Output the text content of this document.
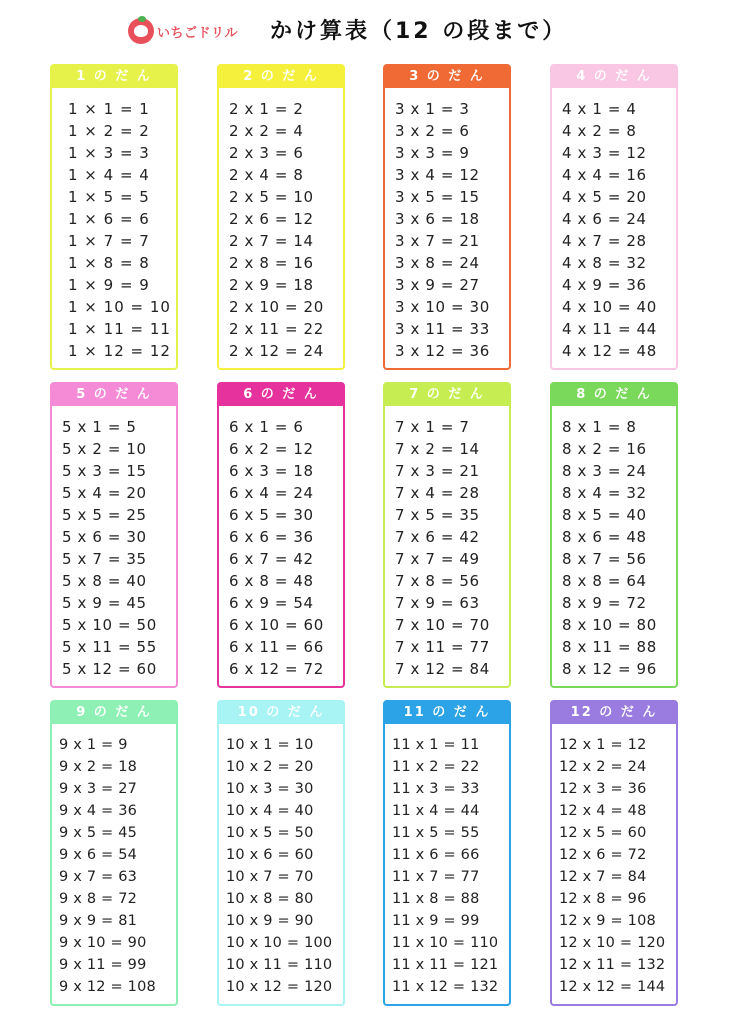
いちごドリル かけ算表（12 の段まで）
1 の だ ん
1 × 1 = 1
1 × 2 = 2
1 × 3 = 3
1 × 4 = 4
1 × 5 = 5
1 × 6 = 6
1 × 7 = 7
1 × 8 = 8
1 × 9 = 9
1 × 10 = 10
1 × 11 = 11
1 × 12 = 12
2 の だ ん
2 x 1 = 2
2 x 2 = 4
2 x 3 = 6
2 x 4 = 8
2 x 5 = 10
2 x 6 = 12
2 x 7 = 14
2 x 8 = 16
2 x 9 = 18
2 x 10 = 20
2 x 11 = 22
2 x 12 = 24
3 の だ ん
3 x 1 = 3
3 x 2 = 6
3 x 3 = 9
3 x 4 = 12
3 x 5 = 15
3 x 6 = 18
3 x 7 = 21
3 x 8 = 24
3 x 9 = 27
3 x 10 = 30
3 x 11 = 33
3 x 12 = 36
4 の だ ん
4 x 1 = 4
4 x 2 = 8
4 x 3 = 12
4 x 4 = 16
4 x 5 = 20
4 x 6 = 24
4 x 7 = 28
4 x 8 = 32
4 x 9 = 36
4 x 10 = 40
4 x 11 = 44
4 x 12 = 48
5 の だ ん
5 x 1 = 5
5 x 2 = 10
5 x 3 = 15
5 x 4 = 20
5 x 5 = 25
5 x 6 = 30
5 x 7 = 35
5 x 8 = 40
5 x 9 = 45
5 x 10 = 50
5 x 11 = 55
5 x 12 = 60
6 の だ ん
6 x 1 = 6
6 x 2 = 12
6 x 3 = 18
6 x 4 = 24
6 x 5 = 30
6 x 6 = 36
6 x 7 = 42
6 x 8 = 48
6 x 9 = 54
6 x 10 = 60
6 x 11 = 66
6 x 12 = 72
7 の だ ん
7 x 1 = 7
7 x 2 = 14
7 x 3 = 21
7 x 4 = 28
7 x 5 = 35
7 x 6 = 42
7 x 7 = 49
7 x 8 = 56
7 x 9 = 63
7 x 10 = 70
7 x 11 = 77
7 x 12 = 84
8 の だ ん
8 x 1 = 8
8 x 2 = 16
8 x 3 = 24
8 x 4 = 32
8 x 5 = 40
8 x 6 = 48
8 x 7 = 56
8 x 8 = 64
8 x 9 = 72
8 x 10 = 80
8 x 11 = 88
8 x 12 = 96
9 の だ ん
9 x 1 = 9
9 x 2 = 18
9 x 3 = 27
9 x 4 = 36
9 x 5 = 45
9 x 6 = 54
9 x 7 = 63
9 x 8 = 72
9 x 9 = 81
9 x 10 = 90
9 x 11 = 99
9 x 12 = 108
10 の だ ん
10 x 1 = 10
10 x 2 = 20
10 x 3 = 30
10 x 4 = 40
10 x 5 = 50
10 x 6 = 60
10 x 7 = 70
10 x 8 = 80
10 x 9 = 90
10 x 10 = 100
10 x 11 = 110
10 x 12 = 120
11 の だ ん
11 x 1 = 11
11 x 2 = 22
11 x 3 = 33
11 x 4 = 44
11 x 5 = 55
11 x 6 = 66
11 x 7 = 77
11 x 8 = 88
11 x 9 = 99
11 x 10 = 110
11 x 11 = 121
11 x 12 = 132
12 の だ ん
12 x 1 = 12
12 x 2 = 24
12 x 3 = 36
12 x 4 = 48
12 x 5 = 60
12 x 6 = 72
12 x 7 = 84
12 x 8 = 96
12 x 9 = 108
12 x 10 = 120
12 x 11 = 132
12 x 12 = 144
